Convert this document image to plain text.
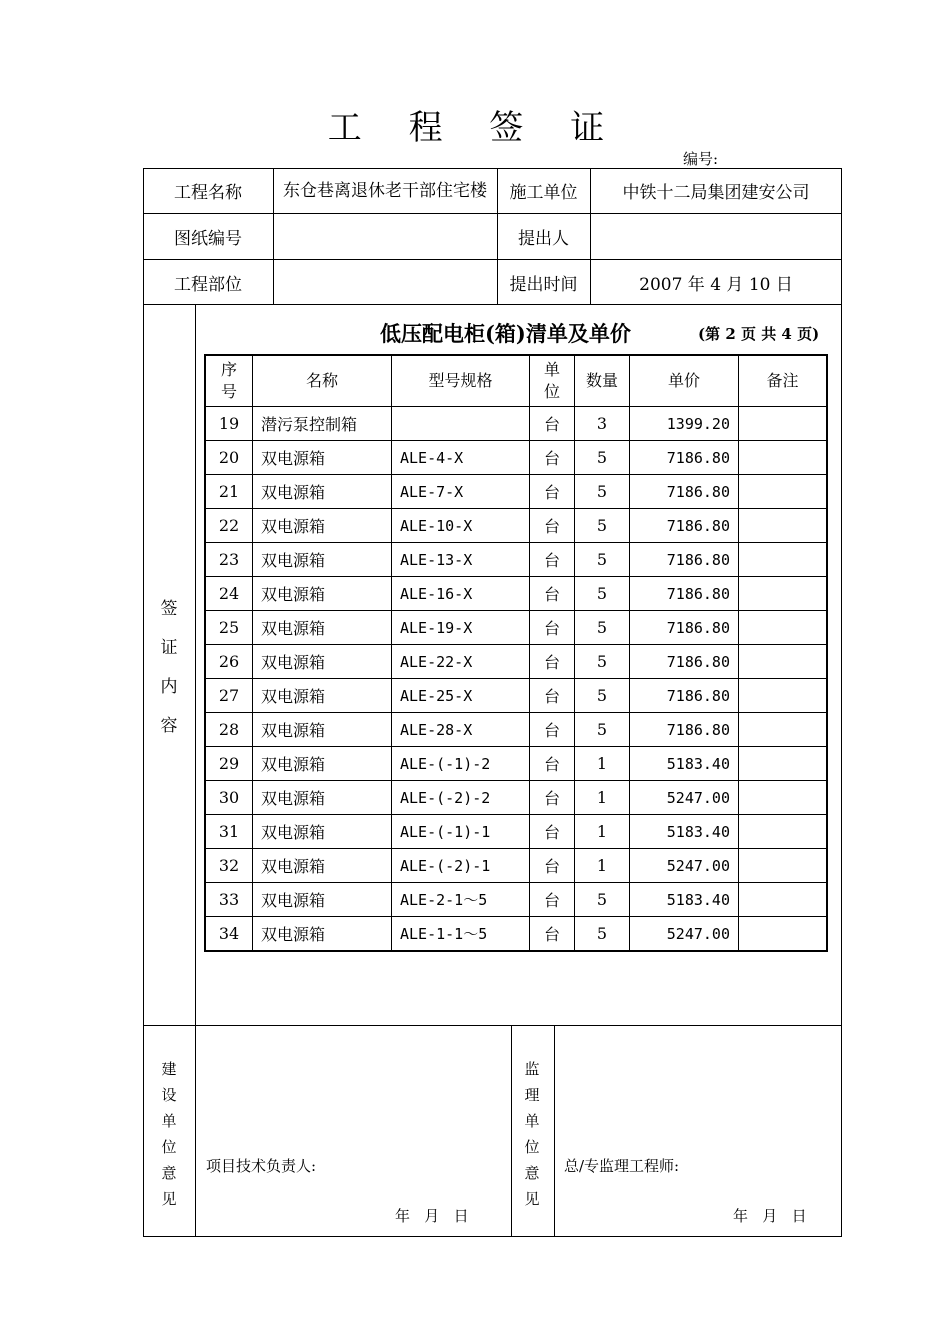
工 程 签 证
编号:
工程名称	东仓巷离退休老干部住宅楼	施工单位	中铁十二局集团建安公司
图纸编号	提出人
工程部位	提出时间	2007 年 4 月 10 日
签
证
内
容
低压配电柜(箱)清单及单价	(第 2 页 共 4 页)
序号	名称	型号规格	单位	数量	单价	备注
19	潜污泵控制箱		台	3	1399.20	
20	双电源箱	ALE-4-X	台	5	7186.80	
21	双电源箱	ALE-7-X	台	5	7186.80	
22	双电源箱	ALE-10-X	台	5	7186.80	
23	双电源箱	ALE-13-X	台	5	7186.80	
24	双电源箱	ALE-16-X	台	5	7186.80	
25	双电源箱	ALE-19-X	台	5	7186.80	
26	双电源箱	ALE-22-X	台	5	7186.80	
27	双电源箱	ALE-25-X	台	5	7186.80	
28	双电源箱	ALE-28-X	台	5	7186.80	
29	双电源箱	ALE-(-1)-2	台	1	5183.40	
30	双电源箱	ALE-(-2)-2	台	1	5247.00	
31	双电源箱	ALE-(-1)-1	台	1	5183.40	
32	双电源箱	ALE-(-2)-1	台	1	5247.00	
33	双电源箱	ALE-2-1～5	台	5	5183.40	
34	双电源箱	ALE-1-1～5	台	5	5247.00	
建
设
单
位
意
见
项目技术负责人:
年   月   日
监
理
单
位
意
见
总/专监理工程师:
年   月   日
